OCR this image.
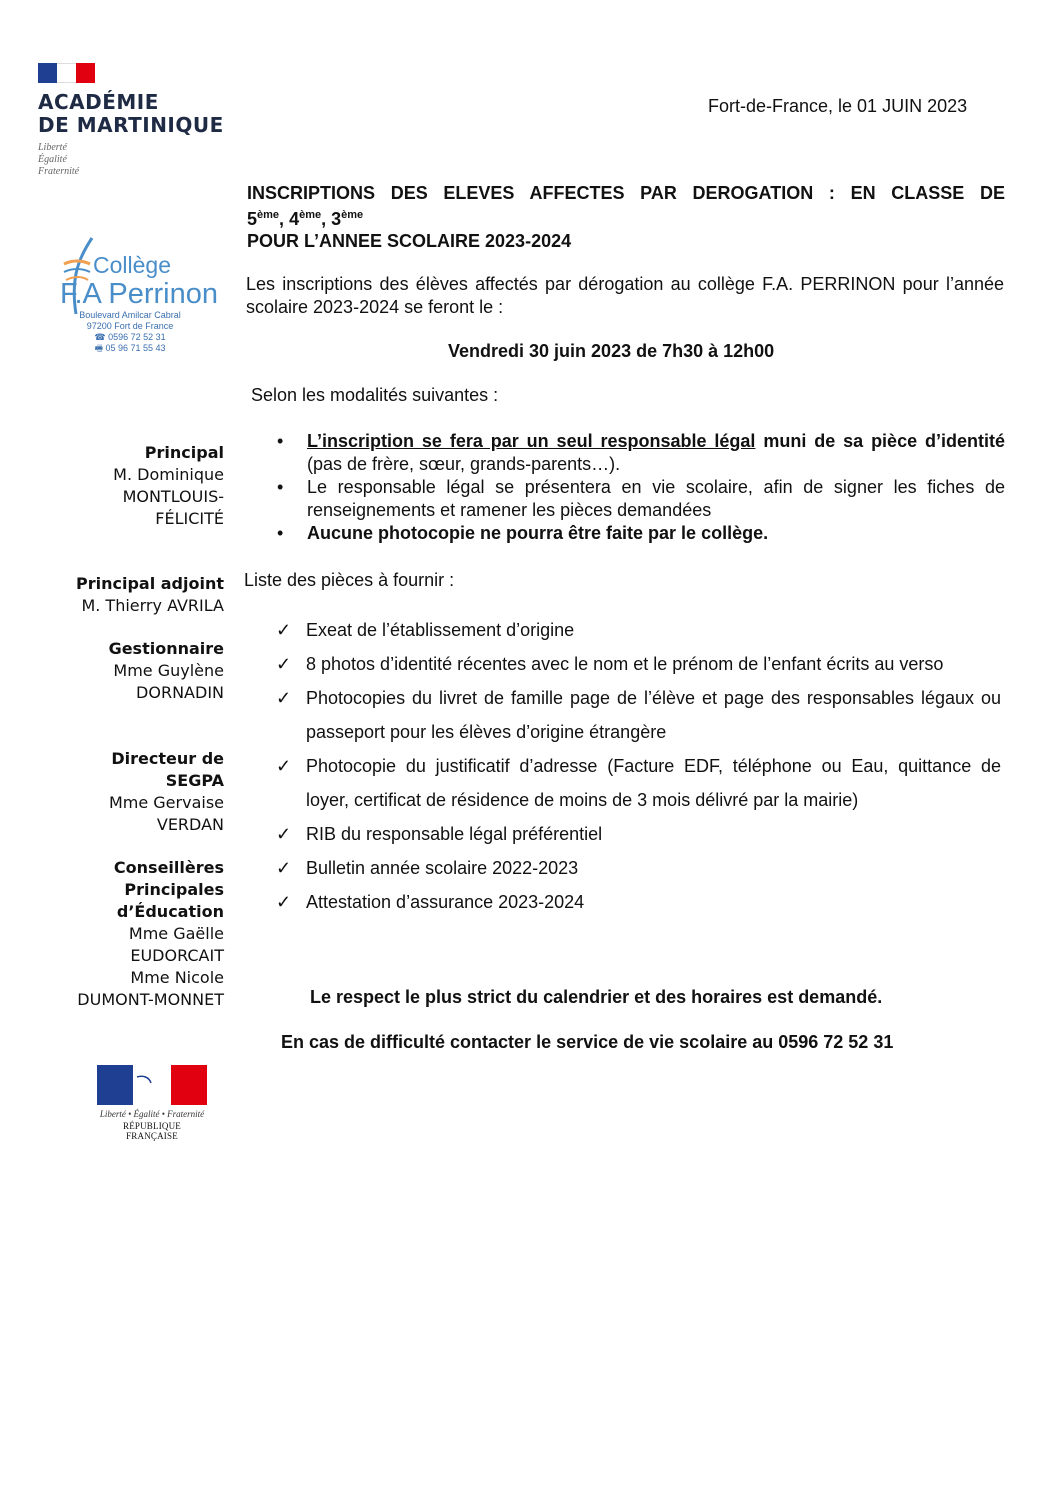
ACADÉMIE
DE MARTINIQUE
Liberté
Égalité
Fraternité
Fort-de-France, le 01 JUIN 2023
Collège
F.A Perrinon
Boulevard Amilcar Cabral
97200 Fort de France
☎ 0596 72 52 31
🖷 05 96 71 55 43
INSCRIPTIONS DES ELEVES AFFECTES PAR DEROGATION : EN CLASSE DE
5ème, 4ème, 3ème
POUR L’ANNEE SCOLAIRE 2023-2024

Les inscriptions des élèves affectés par dérogation au collège F.A. PERRINON pour l’année scolaire 2023-2024 se feront le :

Vendredi 30 juin 2023 de 7h30 à 12h00
Selon les modalités suivantes :
• L’inscription se fera par un seul responsable légal muni de sa pièce d’identité (pas de frère, sœur, grands-parents…).
• Le responsable légal se présentera en vie scolaire, afin de signer les fiches de renseignements et ramener les pièces demandées
• Aucune photocopie ne pourra être faite par le collège.
Liste des pièces à fournir :
✓ Exeat de l’établissement d’origine
✓ 8 photos d’identité récentes avec le nom et le prénom de l’enfant écrits au verso
✓ Photocopies du livret de famille page de l’élève et page des responsables légaux ou passeport pour les élèves d’origine étrangère
✓ Photocopie du justificatif d’adresse (Facture EDF, téléphone ou Eau, quittance de loyer, certificat de résidence de moins de 3 mois délivré par la mairie)
✓ RIB du responsable légal préférentiel
✓ Bulletin année scolaire 2022-2023
✓ Attestation d’assurance 2023-2024
Le respect le plus strict du calendrier et des horaires est demandé.
En cas de difficulté contacter le service de vie scolaire au 0596 72 52 31
Principal
M. Dominique
MONTLOUIS-
FÉLICITÉ
Principal adjoint
M. Thierry AVRILA
Gestionnaire
Mme Guylène
DORNADIN
Directeur de
SEGPA
Mme Gervaise
VERDAN
Conseillères
Principales
d’Éducation
Mme Gaëlle
EUDORCAIT
Mme Nicole
DUMONT-MONNET
Liberté • Égalité • Fraternité
RÉPUBLIQUE FRANÇAISE
